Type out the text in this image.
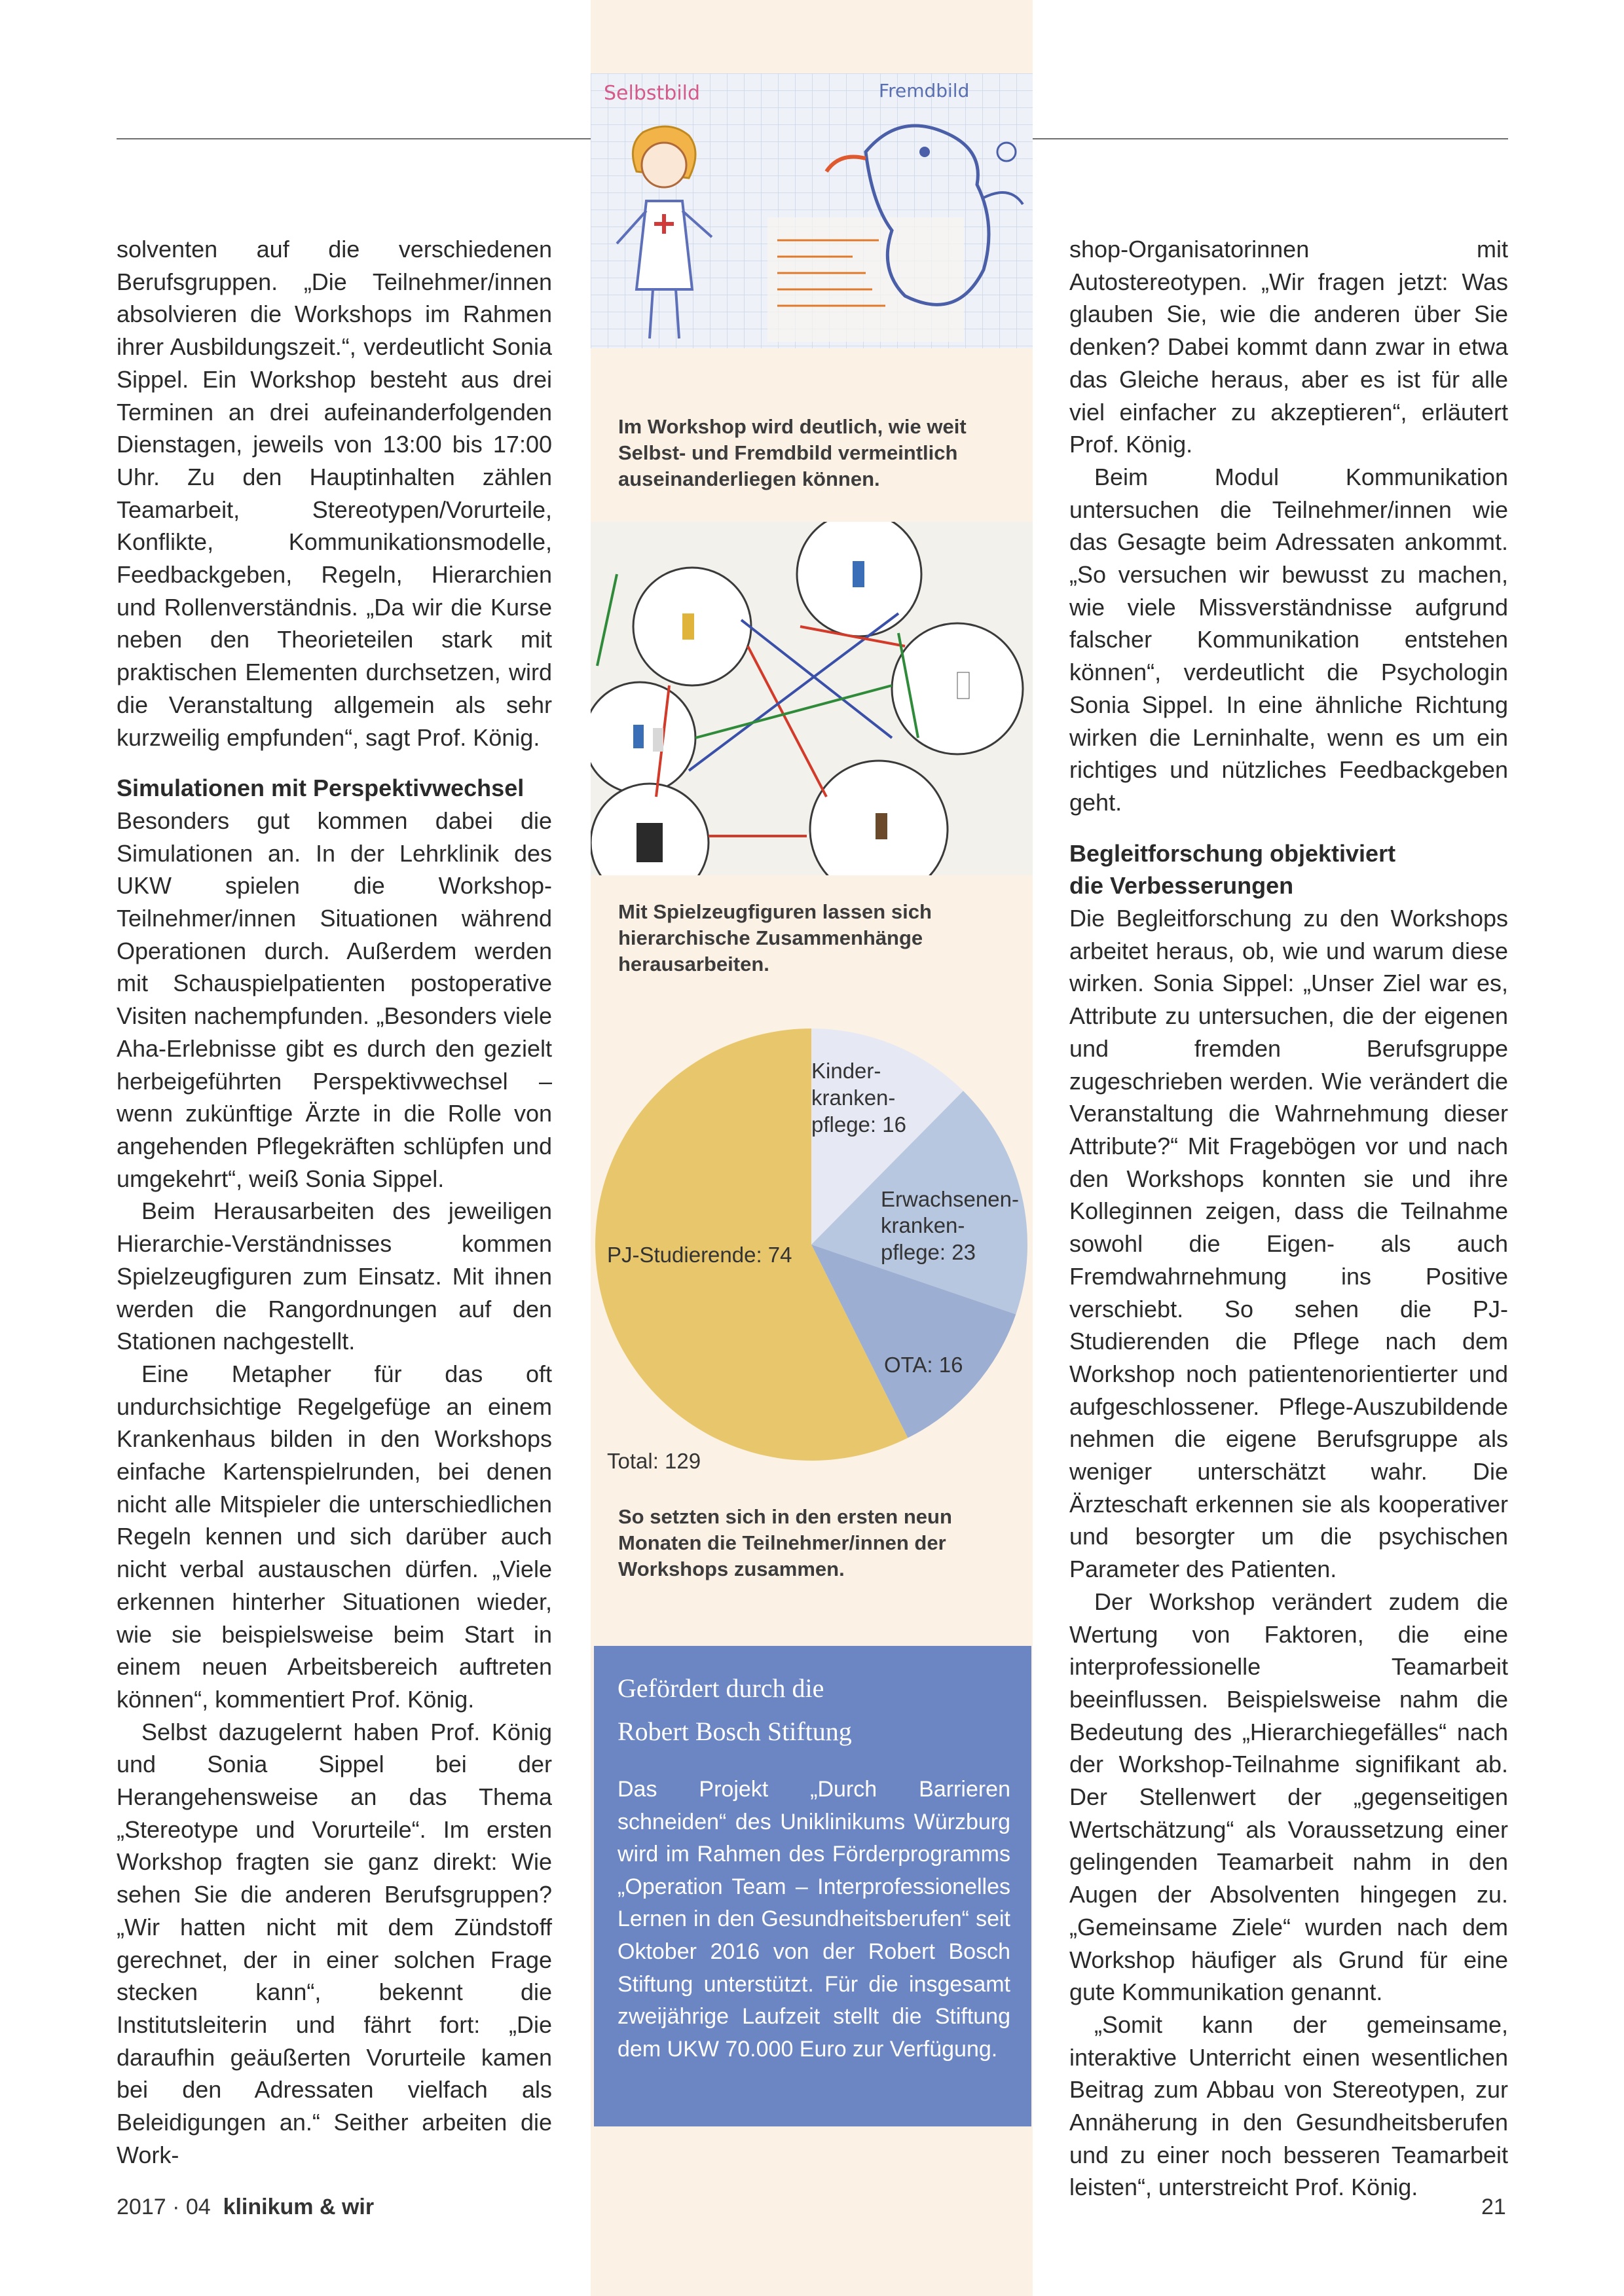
solventen auf die verschiedenen Berufsgruppen. „Die Teilnehmer/innen absolvieren die Workshops im Rahmen ihrer Ausbildungszeit.“, verdeutlicht Sonia Sippel. Ein Workshop besteht aus drei Terminen an drei aufeinanderfolgenden Dienstagen, jeweils von 13:00 bis 17:00 Uhr. Zu den Hauptinhalten zählen Teamarbeit, Stereotypen/Vorurteile, Konflikte, Kommunikationsmodelle, Feedbackgeben, Regeln, Hierarchien und Rollenverständnis. „Da wir die Kurse neben den Theorieteilen stark mit praktischen Elementen durchsetzen, wird die Veranstaltung allgemein als sehr kurzweilig empfunden“, sagt Prof. König.

Simulationen mit Perspektivwechsel

Besonders gut kommen dabei die Simulationen an. In der Lehrklinik des UKW spielen die Workshop-Teilnehmer/innen Situationen während Operationen durch. Außerdem werden mit Schauspielpatienten postoperative Visiten nachempfunden. „Besonders viele Aha-Erlebnisse gibt es durch den gezielt herbeigeführten Perspektivwechsel – wenn zukünftige Ärzte in die Rolle von angehenden Pflegekräften schlüpfen und umgekehrt“, weiß Sonia Sippel.

Beim Herausarbeiten des jeweiligen Hierarchie-Verständnisses kommen Spielzeugfiguren zum Einsatz. Mit ihnen werden die Rangordnungen auf den Stationen nachgestellt.

Eine Metapher für das oft undurchsichtige Regelgefüge an einem Krankenhaus bilden in den Workshops einfache Kartenspielrunden, bei denen nicht alle Mitspieler die unterschiedlichen Regeln kennen und sich darüber auch nicht verbal austauschen dürfen. „Viele erkennen hinterher Situationen wieder, wie sie beispielsweise beim Start in einem neuen Arbeitsbereich auftreten können“, kommentiert Prof. König.

Selbst dazugelernt haben Prof. König und Sonia Sippel bei der Herangehensweise an das Thema „Stereotype und Vorurteile“. Im ersten Workshop fragten sie ganz direkt: Wie sehen Sie die anderen Berufsgruppen? „Wir hatten nicht mit dem Zündstoff gerechnet, der in einer solchen Frage stecken kann“, bekennt die Institutsleiterin und fährt fort: „Die daraufhin geäußerten Vorurteile kamen bei den Adressaten vielfach als Beleidigungen an.“ Seither arbeiten die Work-

Selbstbild	Fremdbild
Im Workshop wird deutlich, wie weit Selbst- und Fremdbild vermeintlich auseinanderliegen können.
Mit Spielzeugfiguren lassen sich hierarchische Zusammenhänge herausarbeiten.
Kinder-
kranken-
pflege: 16
Erwachsenen-
kranken-
pflege: 23
OTA: 16
PJ-Studierende: 74
Total: 129
So setzten sich in den ersten neun Monaten die Teilnehmer/innen der Workshops zusammen.
Gefördert durch die
Robert Bosch Stiftung
Das Projekt „Durch Barrieren schneiden“ des Uniklinikums Würzburg wird im Rahmen des Förderprogramms „Operation Team – Interprofessionelles Lernen in den Gesundheitsberufen“ seit Oktober 2016 von der Robert Bosch Stiftung unterstützt. Für die insgesamt zweijährige Laufzeit stellt die Stiftung dem UKW 70.000 Euro zur Verfügung.

shop-Organisatorinnen mit Autostereotypen. „Wir fragen jetzt: Was glauben Sie, wie die anderen über Sie denken? Dabei kommt dann zwar in etwa das Gleiche heraus, aber es ist für alle viel einfacher zu akzeptieren“, erläutert Prof. König.

Beim Modul Kommunikation untersuchen die Teilnehmer/innen wie das Gesagte beim Adressaten ankommt. „So versuchen wir bewusst zu machen, wie viele Missverständnisse aufgrund falscher Kommunikation entstehen können“, verdeutlicht die Psychologin Sonia Sippel. In eine ähnliche Richtung wirken die Lerninhalte, wenn es um ein richtiges und nützliches Feedbackgeben geht.

Begleitforschung objektiviert
die Verbesserungen

Die Begleitforschung zu den Workshops arbeitet heraus, ob, wie und warum diese wirken. Sonia Sippel: „Unser Ziel war es, Attribute zu untersuchen, die der eigenen und fremden Berufsgruppe zugeschrieben werden. Wie verändert die Veranstaltung die Wahrnehmung dieser Attribute?“ Mit Fragebögen vor und nach den Workshops konnten sie und ihre Kolleginnen zeigen, dass die Teilnahme sowohl die Eigen- als auch Fremdwahrnehmung ins Positive verschiebt. So sehen die PJ-Studierenden die Pflege nach dem Workshop noch patientenorientierter und aufgeschlossener. Pflege-Auszubildende nehmen die eigene Berufsgruppe als weniger unterschätzt wahr. Die Ärzteschaft erkennen sie als kooperativer und besorgter um die psychischen Parameter des Patienten.

Der Workshop verändert zudem die Wertung von Faktoren, die eine interprofessionelle Teamarbeit beeinflussen. Beispielsweise nahm die Bedeutung des „Hierarchiegefälles“ nach der Workshop-Teilnahme signifikant ab. Der Stellenwert der „gegenseitigen Wertschätzung“ als Voraussetzung einer gelingenden Teamarbeit nahm in den Augen der Absolventen hingegen zu. „Gemeinsame Ziele“ wurden nach dem Workshop häufiger als Grund für eine gute Kommunikation genannt.

„Somit kann der gemeinsame, interaktive Unterricht einen wesentlichen Beitrag zum Abbau von Stereotypen, zur Annäherung in den Gesundheitsberufen und zu einer noch besseren Teamarbeit leisten“, unterstreicht Prof. König.

2017 · 04 klinikum & wir	21
